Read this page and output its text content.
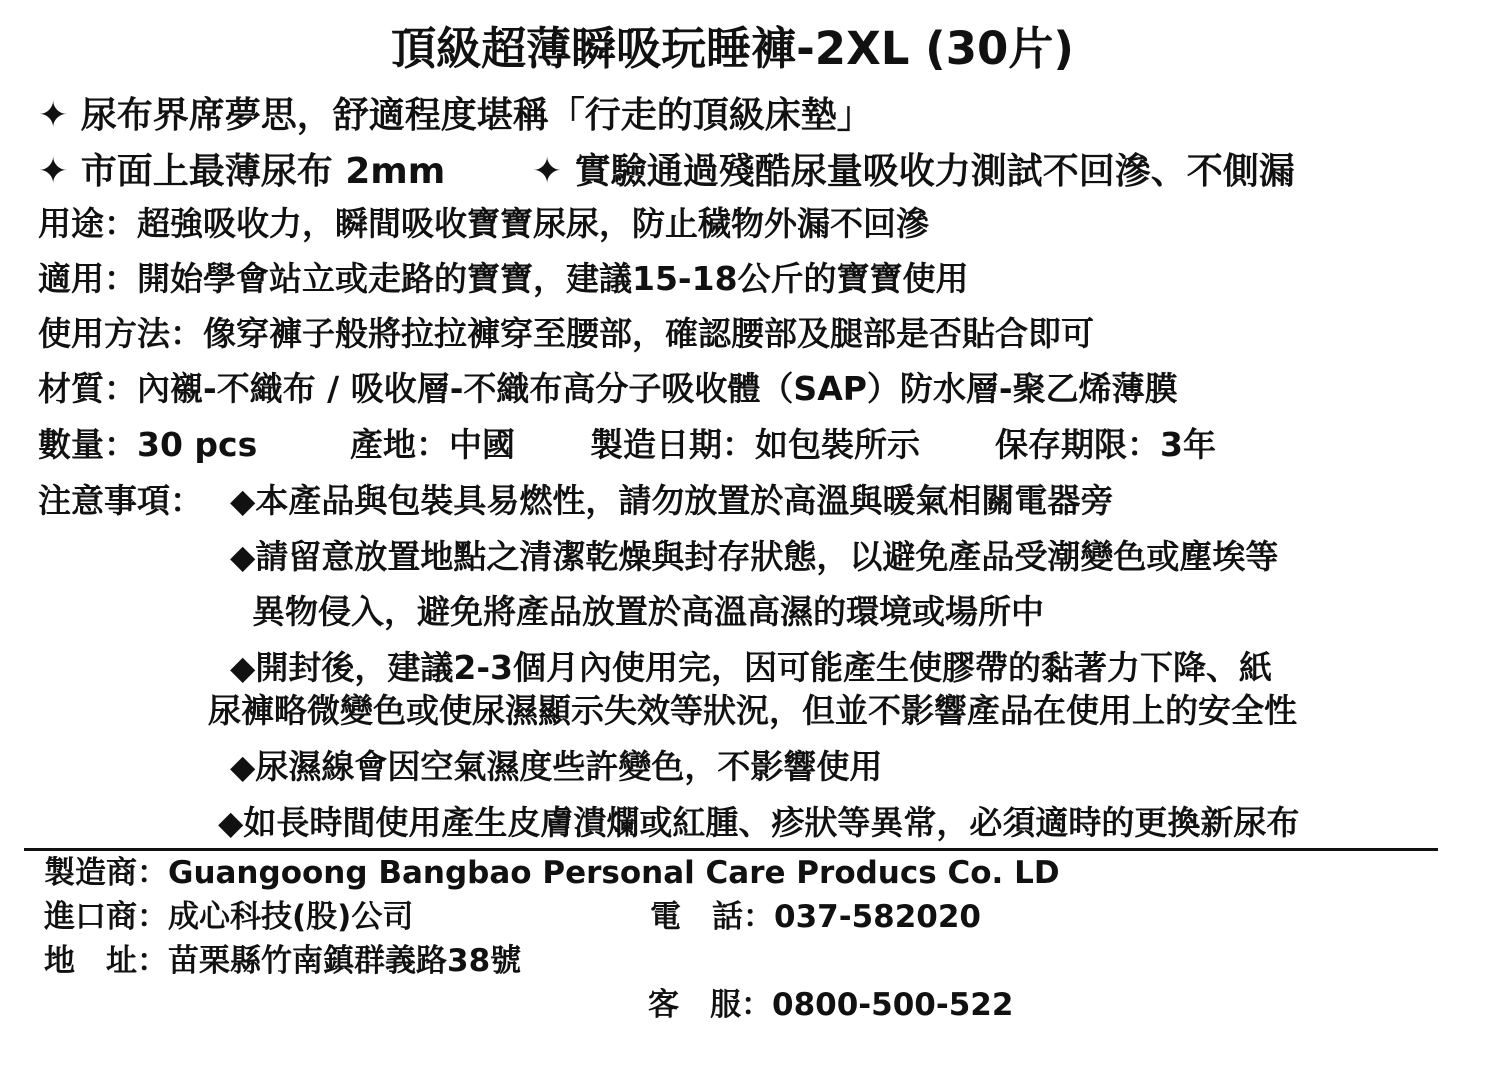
頂級超薄瞬吸玩睡褲-2XL (30片)
✦ 尿布界席夢思，舒適程度堪稱「行走的頂級床墊」
✦ 市面上最薄尿布 2mm ✦ 實驗通過殘酷尿量吸收力測試不回滲、不側漏
用途：超強吸收力，瞬間吸收寶寶尿尿，防止穢物外漏不回滲
適用：開始學會站立或走路的寶寶，建議15-18公斤的寶寶使用
使用方法：像穿褲子般將拉拉褲穿至腰部，確認腰部及腿部是否貼合即可
材質：內襯-不織布 / 吸收層-不織布高分子吸收體（SAP）防水層-聚乙烯薄膜
數量：30 pcs	產地：中國 製造日期：如包裝所示 保存期限：3年
注意事項： ◆本產品與包裝具易燃性，請勿放置於高溫與暖氣相關電器旁
◆請留意放置地點之清潔乾燥與封存狀態，以避免產品受潮變色或塵埃等
異物侵入，避免將產品放置於高溫高濕的環境或場所中
◆開封後，建議2-3個月內使用完，因可能產生使膠帶的黏著力下降、紙
尿褲略微變色或使尿濕顯示失效等狀況，但並不影響產品在使用上的安全性
◆尿濕線會因空氣濕度些許變色，不影響使用
◆如長時間使用產生皮膚潰爛或紅腫、疹狀等異常，必須適時的更換新尿布
製造商：Guangoong Bangbao Personal Care Producs Co. LD
進口商：成心科技(股)公司	電　話：037-582020
地　址：苗栗縣竹南鎮群義路38號
客　服：0800-500-522
